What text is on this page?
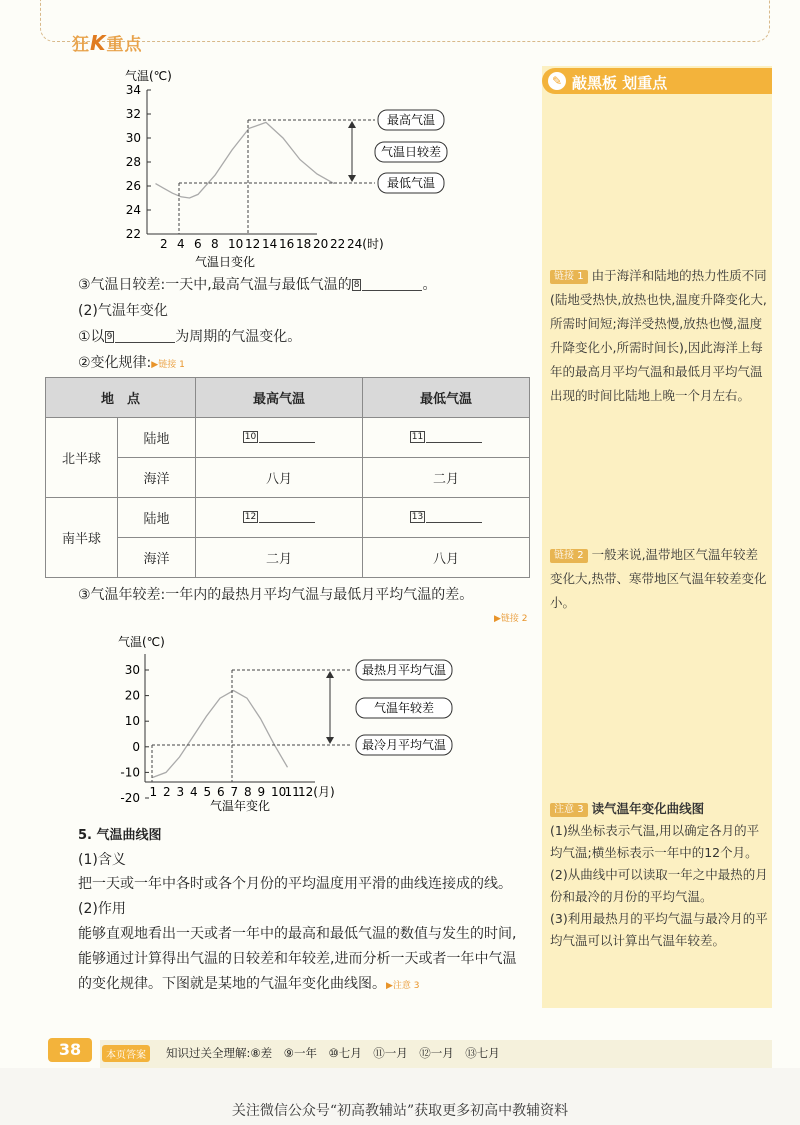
狂K重点
✎ 敲黑板 划重点
链接 1 由于海洋和陆地的热力性质不同(陆地受热快,放热也快,温度升降变化大,所需时间短;海洋受热慢,放热也慢,温度升降变化小,所需时间长),因此海洋上每年的最高月平均气温和最低月平均气温出现的时间比陆地上晚一个月左右。
链接 2 一般来说,温带地区气温年较差变化大,热带、寒带地区气温年较差变化小。
注意 3 读气温年变化曲线图
(1)纵坐标表示气温,用以确定各月的平均气温;横坐标表示一年中的12个月。
(2)从曲线中可以读取一年之中最热的月份和最冷的月份的平均气温。
(3)利用最热月的平均气温与最冷月的平均气温可以计算出气温年较差。
气温(℃)
34
32
30
28
26
24
22
2 4 6 8 10 12 14 16 18 20 22 24(时)
最高气温
气温日较差
最低气温
气温日变化
③气温日较差:一天中,最高气温与最低气温的 8	。
(2)气温年变化
①以 9	为周期的气温变化。
②变化规律:▶链接 1
地　点		最高气温	最低气温
北半球	陆地	10	11
	海洋	八月	二月
南半球	陆地	12	13
	海洋	二月	八月
③气温年较差:一年内的最热月平均气温与最低月平均气温的差。
▶链接 2
气温(℃)
30
20
10
0
-10
-20 1 2 3 4 5 6 7 8 9 10
11
12(月)
最热月平均气温
气温年较差
最冷月平均气温
气温年变化
5. 气温曲线图
(1)含义
把一天或一年中各时或各个月份的平均温度用平滑的曲线连接成的线。
(2)作用
能够直观地看出一天或者一年中的最高和最低气温的数值与发生的时间,能够通过计算得出气温的日较差和年较差,进而分析一天或者一年中气温的变化规律。下图就是某地的气温年变化曲线图。▶注意 3
38	本页答案	知识过关全理解:⑧差　⑨一年　⑩七月　⑪一月　⑫一月　⑬七月
关注微信公众号“初高教辅站”获取更多初高中教辅资料
